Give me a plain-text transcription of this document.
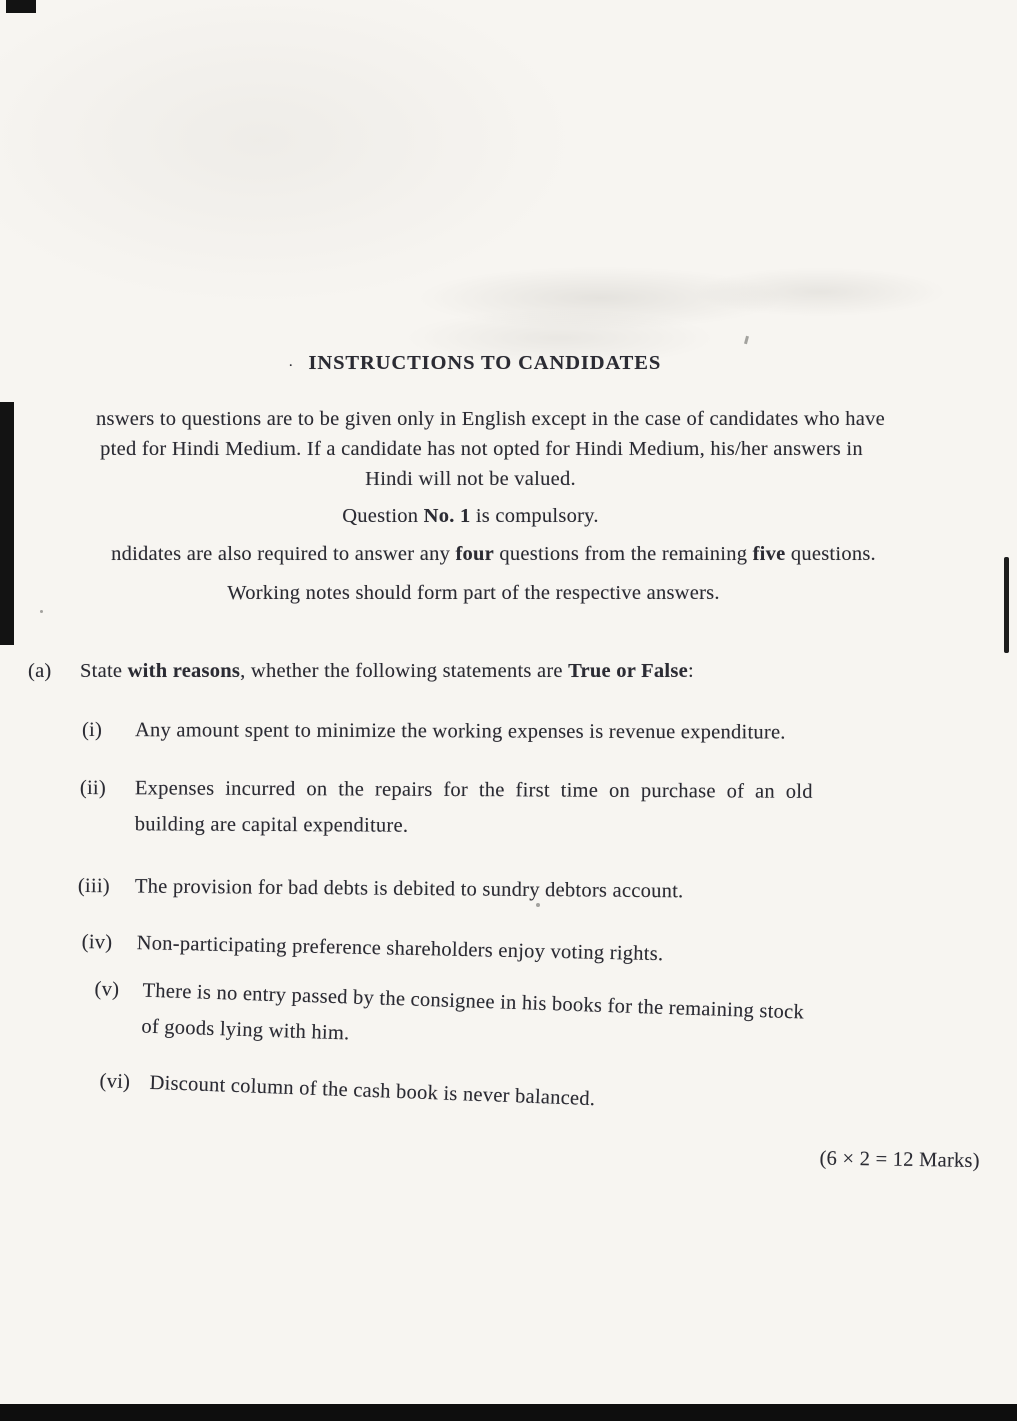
. INSTRUCTIONS TO CANDIDATES
nswers to questions are to be given only in English except in the case of candidates who have
pted for Hindi Medium. If a candidate has not opted for Hindi Medium, his/her answers in
Hindi will not be valued.
Question No. 1 is compulsory.
ndidates are also required to answer any four questions from the remaining five questions.
Working notes should form part of the respective answers.
(a) State with reasons, whether the following statements are True or False:
(i) Any amount spent to minimize the working expenses is revenue expenditure.
(ii) Expenses incurred on the repairs for the first time on purchase of an old
building are capital expenditure.
(iii) The provision for bad debts is debited to sundry debtors account.
(iv) Non-participating preference shareholders enjoy voting rights.
(v) There is no entry passed by the consignee in his books for the remaining stock
of goods lying with him.
(vi) Discount column of the cash book is never balanced.
(6 × 2 = 12 Marks)
